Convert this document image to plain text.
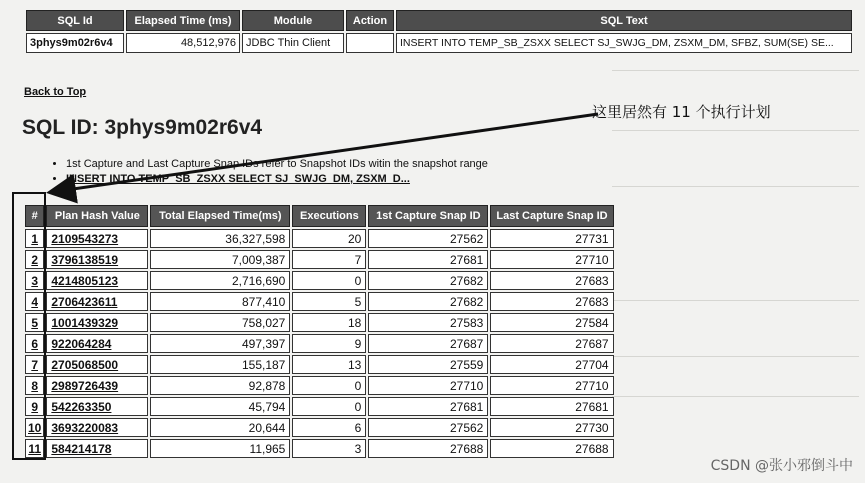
SQL Id	Elapsed Time (ms)	Module	Action	SQL Text
3phys9m02r6v4	48,512,976	JDBC Thin Client		INSERT INTO TEMP_SB_ZSXX SELECT SJ_SWJG_DM, ZSXM_DM, SFBZ, SUM(SE) SE...
Back to Top
SQL ID: 3phys9m02r6v4
这里居然有 11 个执行计划
• 1st Capture and Last Capture Snap IDs refer to Snapshot IDs witin the snapshot range
• INSERT INTO TEMP_SB_ZSXX SELECT SJ_SWJG_DM, ZSXM_D...
#	Plan Hash Value	Total Elapsed Time(ms)	Executions	1st Capture Snap ID	Last Capture Snap ID
1	2109543273	36,327,598	20	27562	27731
2	3796138519	7,009,387	7	27681	27710
3	4214805123	2,716,690	0	27682	27683
4	2706423611	877,410	5	27682	27683
5	1001439329	758,027	18	27583	27584
6	922064284	497,397	9	27687	27687
7	2705068500	155,187	13	27559	27704
8	2989726439	92,878	0	27710	27710
9	542263350	45,794	0	27681	27681
10	3693220083	20,644	6	27562	27730
11	584214178	11,965	3	27688	27688
CSDN @张小邪倒斗中
